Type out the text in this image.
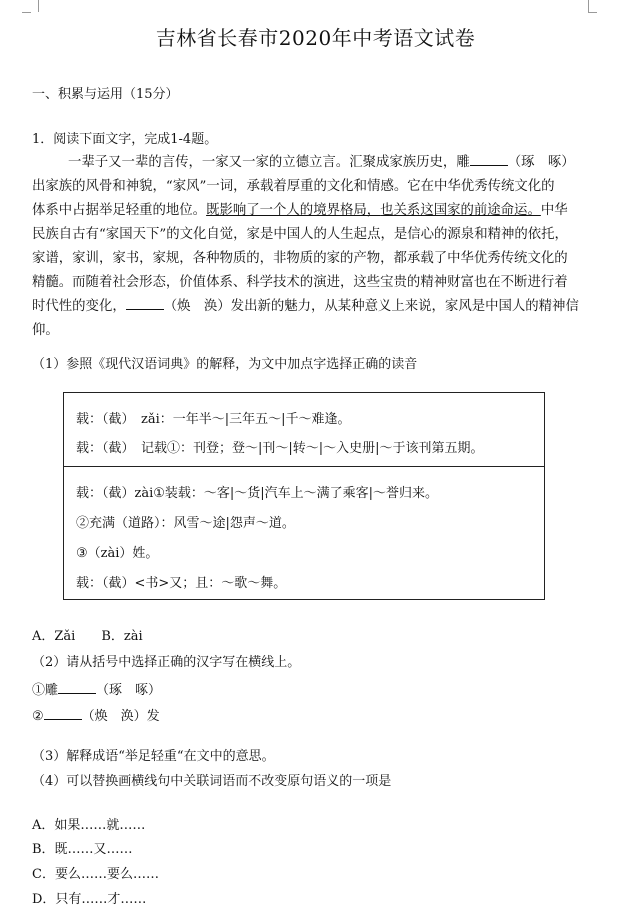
吉林省长春市2020年中考语文试卷
一、积累与运用（15分）
1．阅读下面文字，完成1-4题。

一辈子又一辈的言传，一家又一家的立德立言。汇聚成家族历史，雕	（琢　啄）

出家族的风骨和神貌，“家风”一词，承载着厚重的文化和情感。它在中华优秀传统文化的

体系中占据举足轻重的地位。既影响了一个人的境界格局，也关系这国家的前途命运。中华

民族自古有“家国天下”的文化自觉，家是中国人的人生起点，是信心的源泉和精神的依托，

家谱，家训，家书，家规，各种物质的，非物质的家的产物，都承载了中华优秀传统文化的

精髓。而随着社会形态，价值体系、科学技术的演进，这些宝贵的精神财富也在不断进行着

时代性的变化，	（焕　涣）发出新的魅力，从某种意义上来说，家风是中国人的精神信

仰。

（1）参照《现代汉语词典》的解释，为文中加点字选择正确的读音
载：（截）　zǎi：一年半～|三年五～|千～难逢。
载：（截）　记载①：刊登；登～|刊～|转～|～入史册|～于该刊第五期。
载：（截）zài①装载：～客|～货|汽车上～满了乘客|～誉归来。
②充满（道路）：风雪～途|怨声～道。
③（zài）姓。
载：（截）<书>又；且：～歌～舞。
A．Zǎi　　B．zài
（2）请从括号中选择正确的汉字写在横线上。
①雕	（琢　啄）
②	（焕　涣）发
（3）解释成语“举足轻重“在文中的意思。
（4）可以替换画横线句中关联词语而不改变原句语义的一项是
A．如果……就……
B．既……又……
C．要么……要么……
D．只有……才……
